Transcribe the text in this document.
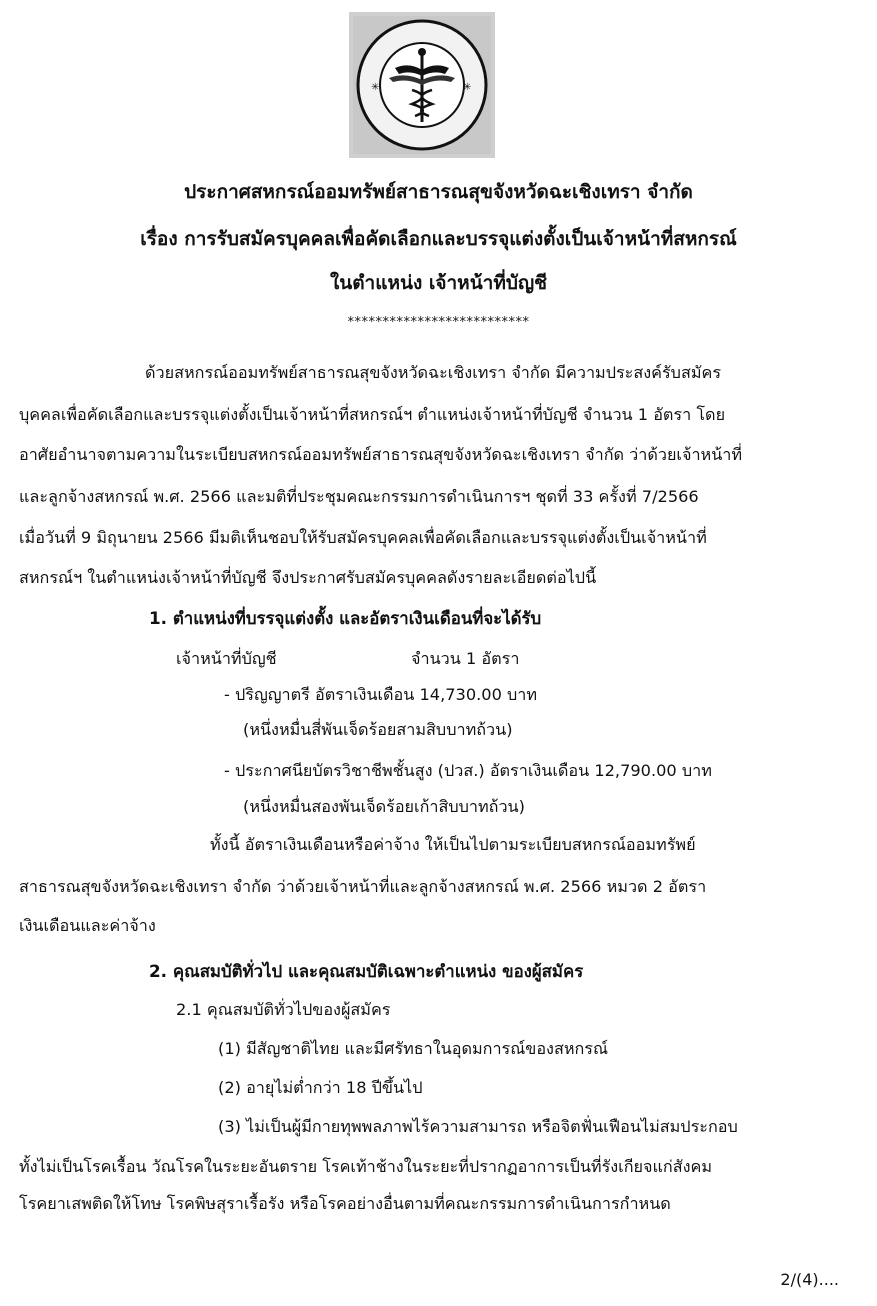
✳	✳
ประกาศสหกรณ์ออมทรัพย์สาธารณสุขจังหวัดฉะเชิงเทรา จำกัด
เรื่อง การรับสมัครบุคคลเพื่อคัดเลือกและบรรจุแต่งตั้งเป็นเจ้าหน้าที่สหกรณ์
ในตำแหน่ง เจ้าหน้าที่บัญชี
**************************
ด้วยสหกรณ์ออมทรัพย์สาธารณสุขจังหวัดฉะเชิงเทรา จำกัด มีความประสงค์รับสมัคร
บุคคลเพื่อคัดเลือกและบรรจุแต่งตั้งเป็นเจ้าหน้าที่สหกรณ์ฯ ตำแหน่งเจ้าหน้าที่บัญชี จำนวน 1 อัตรา โดย
อาศัยอำนาจตามความในระเบียบสหกรณ์ออมทรัพย์สาธารณสุขจังหวัดฉะเชิงเทรา จำกัด ว่าด้วยเจ้าหน้าที่
และลูกจ้างสหกรณ์ พ.ศ. 2566 และมติที่ประชุมคณะกรรมการดำเนินการฯ ชุดที่ 33 ครั้งที่ 7/2566
เมื่อวันที่ 9 มิถุนายน 2566 มีมติเห็นชอบให้รับสมัครบุคคลเพื่อคัดเลือกและบรรจุแต่งตั้งเป็นเจ้าหน้าที่
สหกรณ์ฯ ในตำแหน่งเจ้าหน้าที่บัญชี จึงประกาศรับสมัครบุคคลดังรายละเอียดต่อไปนี้
1. ตำแหน่งที่บรรจุแต่งตั้ง และอัตราเงินเดือนที่จะได้รับ
เจ้าหน้าที่บัญชี	จำนวน 1 อัตรา
- ปริญญาตรี อัตราเงินเดือน 14,730.00 บาท
(หนึ่งหมื่นสี่พันเจ็ดร้อยสามสิบบาทถ้วน)
- ประกาศนียบัตรวิชาชีพชั้นสูง (ปวส.) อัตราเงินเดือน 12,790.00 บาท
(หนึ่งหมื่นสองพันเจ็ดร้อยเก้าสิบบาทถ้วน)
ทั้งนี้ อัตราเงินเดือนหรือค่าจ้าง ให้เป็นไปตามระเบียบสหกรณ์ออมทรัพย์
สาธารณสุขจังหวัดฉะเชิงเทรา จำกัด ว่าด้วยเจ้าหน้าที่และลูกจ้างสหกรณ์ พ.ศ. 2566 หมวด 2 อัตรา
เงินเดือนและค่าจ้าง
2. คุณสมบัติทั่วไป และคุณสมบัติเฉพาะตำแหน่ง ของผู้สมัคร
2.1 คุณสมบัติทั่วไปของผู้สมัคร
(1) มีสัญชาติไทย และมีศรัทธาในอุดมการณ์ของสหกรณ์
(2) อายุไม่ต่ำกว่า 18 ปีขึ้นไป
(3) ไม่เป็นผู้มีกายทุพพลภาพไร้ความสามารถ หรือจิตฟั่นเฟือนไม่สมประกอบ
ทั้งไม่เป็นโรคเรื้อน วัณโรคในระยะอันตราย โรคเท้าช้างในระยะที่ปรากฏอาการเป็นที่รังเกียจแก่สังคม
โรคยาเสพติดให้โทษ โรคพิษสุราเรื้อรัง หรือโรคอย่างอื่นตามที่คณะกรรมการดำเนินการกำหนด
2/(4)....
